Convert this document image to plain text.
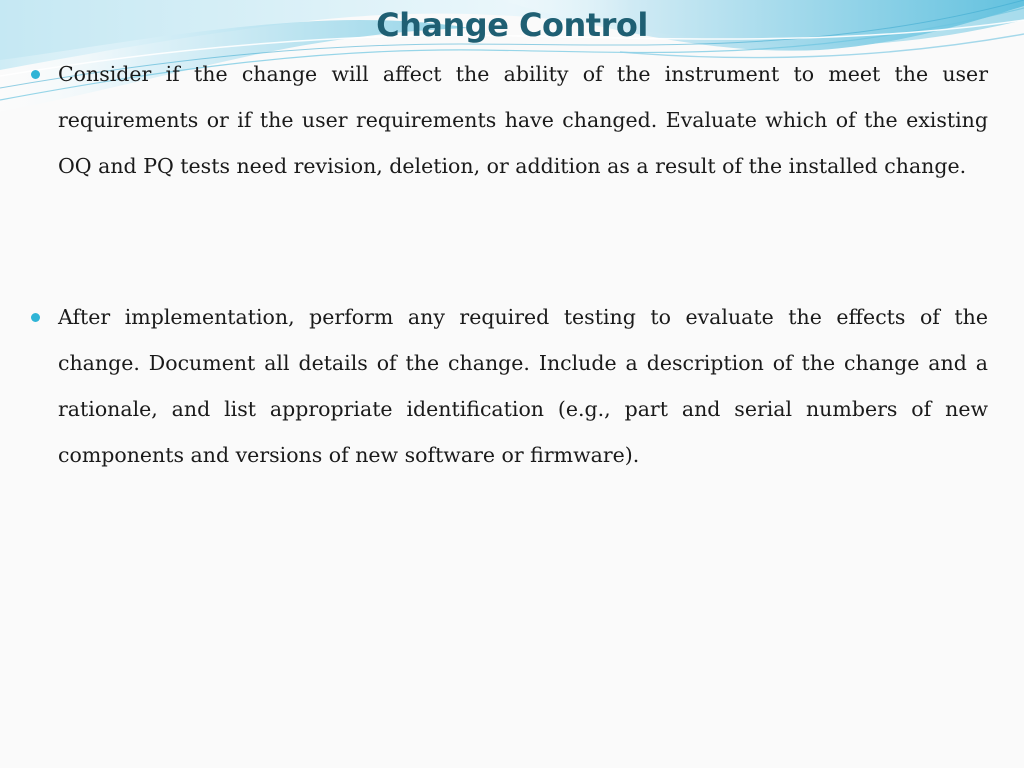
Change Control
Consider if the change will affect the ability of the instrument to meet the user requirements or if the user requirements have changed. Evaluate which of the existing OQ and PQ tests need revision, deletion, or addition as a result of the installed change.
After implementation, perform any required testing to evaluate the effects of the change. Document all details of the change. Include a description of the change and a rationale, and list appropriate identification (e.g., part and serial numbers of new components and versions of new software or firmware).
